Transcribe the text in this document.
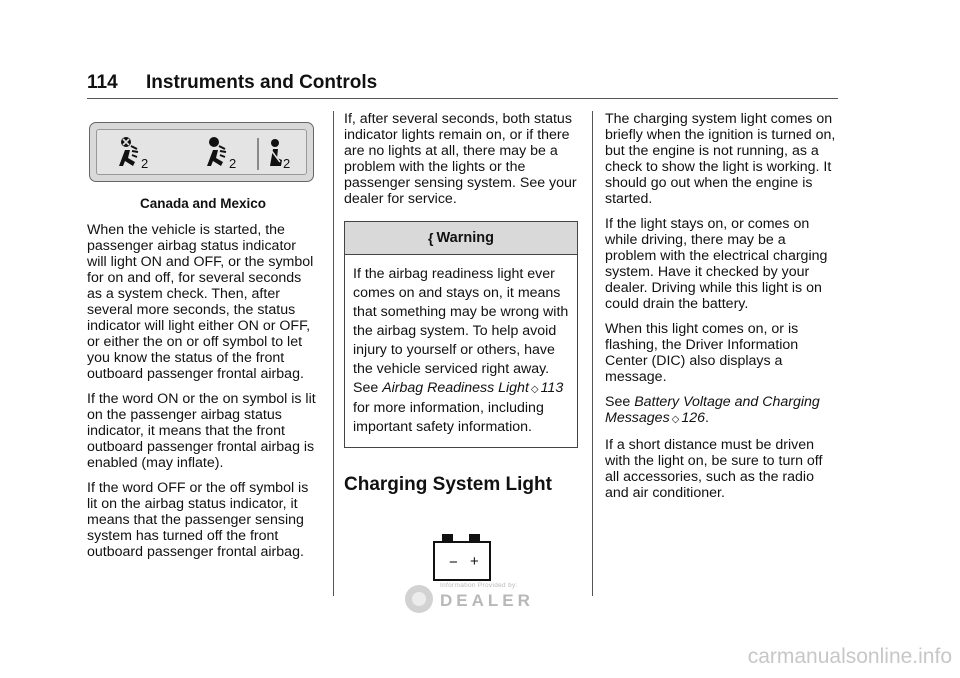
114 Instruments and Controls
2	2	2
Canada and Mexico

When the vehicle is started, the passenger airbag status indicator will light ON and OFF, or the symbol for on and off, for several seconds as a system check. Then, after several more seconds, the status indicator will light either ON or OFF, or either the on or off symbol to let you know the status of the front outboard passenger frontal airbag.

If the word ON or the on symbol is lit on the passenger airbag status indicator, it means that the front outboard passenger frontal airbag is enabled (may inflate).

If the word OFF or the off symbol is lit on the airbag status indicator, it means that the passenger sensing system has turned off the front outboard passenger frontal airbag.

If, after several seconds, both status indicator lights remain on, or if there are no lights at all, there may be a problem with the lights or the passenger sensing system. See your dealer for service.

{ Warning
If the airbag readiness light ever comes on and stays on, it means that something may be wrong with the airbag system. To help avoid injury to yourself or others, have the vehicle serviced right away. See Airbag Readiness Light ◇ 113 for more information, including important safety information.
Charging System Light
− +

The charging system light comes on briefly when the ignition is turned on, but the engine is not running, as a check to show the light is working. It should go out when the engine is started.

If the light stays on, or comes on while driving, there may be a problem with the electrical charging system. Have it checked by your dealer. Driving while this light is on could drain the battery.

When this light comes on, or is flashing, the Driver Information Center (DIC) also displays a message.

See Battery Voltage and Charging Messages ◇ 126.

If a short distance must be driven with the light on, be sure to turn off all accessories, such as the radio and air conditioner.

Information Provided by:
DEALER
carmanualsonline.info
